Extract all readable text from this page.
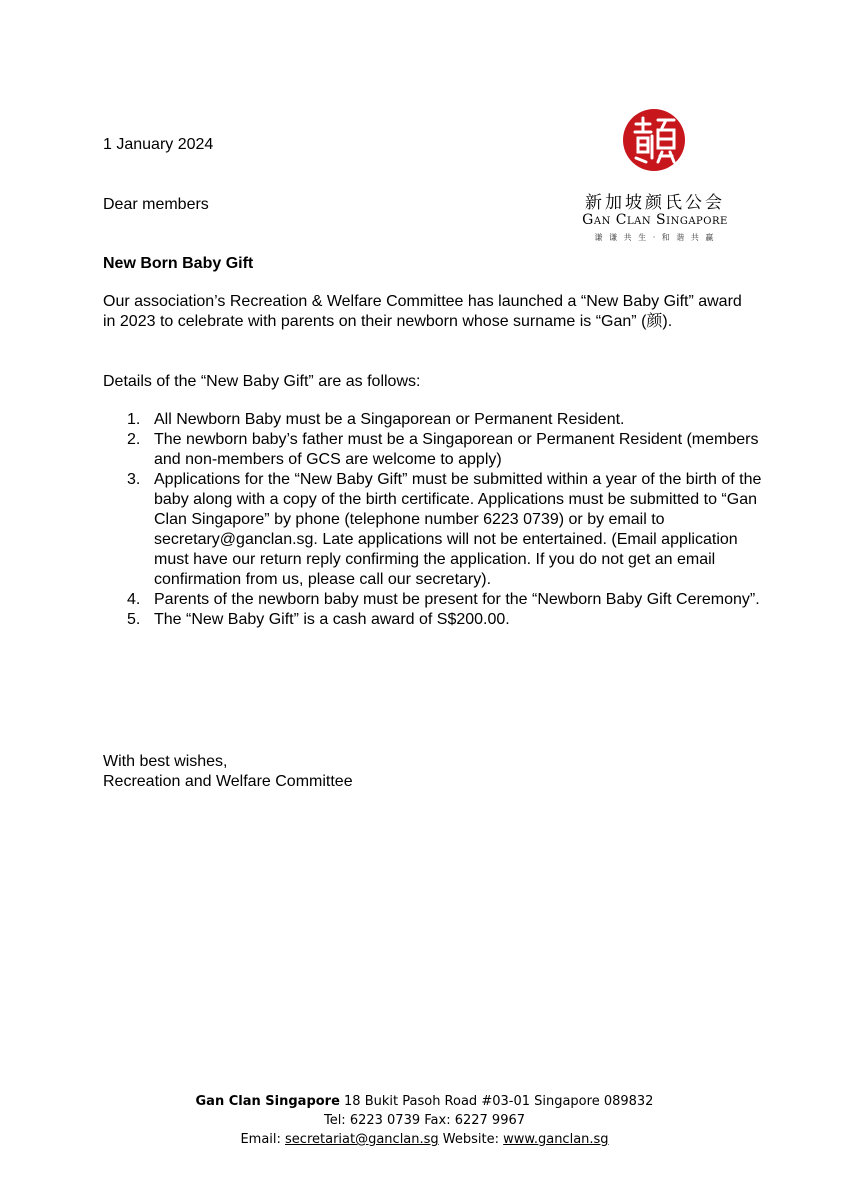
新加坡颜氏公会
Gan Clan Singapore
谦 谦 共 生 · 和 谐 共 赢
1 January 2024
Dear members
New Born Baby Gift
Our association’s Recreation & Welfare Committee has launched a “New Baby Gift” award in 2023 to celebrate with parents on their newborn whose surname is “Gan” (颜).
Details of the “New Baby Gift” are as follows:
1. All Newborn Baby must be a Singaporean or Permanent Resident.
2. The newborn baby’s father must be a Singaporean or Permanent Resident (members and non-members of GCS are welcome to apply)
3. Applications for the “New Baby Gift” must be submitted within a year of the birth of the baby along with a copy of the birth certificate. Applications must be submitted to “Gan Clan Singapore” by phone (telephone number 6223 0739) or by email to secretary@ganclan.sg. Late applications will not be entertained. (Email application must have our return reply confirming the application. If you do not get an email confirmation from us, please call our secretary).
4. Parents of the newborn baby must be present for the “Newborn Baby Gift Ceremony”.
5. The “New Baby Gift” is a cash award of S$200.00.
With best wishes,
Recreation and Welfare Committee
Gan Clan Singapore 18 Bukit Pasoh Road #03-01 Singapore 089832
Tel: 6223 0739 Fax: 6227 9967
Email: secretariat@ganclan.sg Website: www.ganclan.sg
